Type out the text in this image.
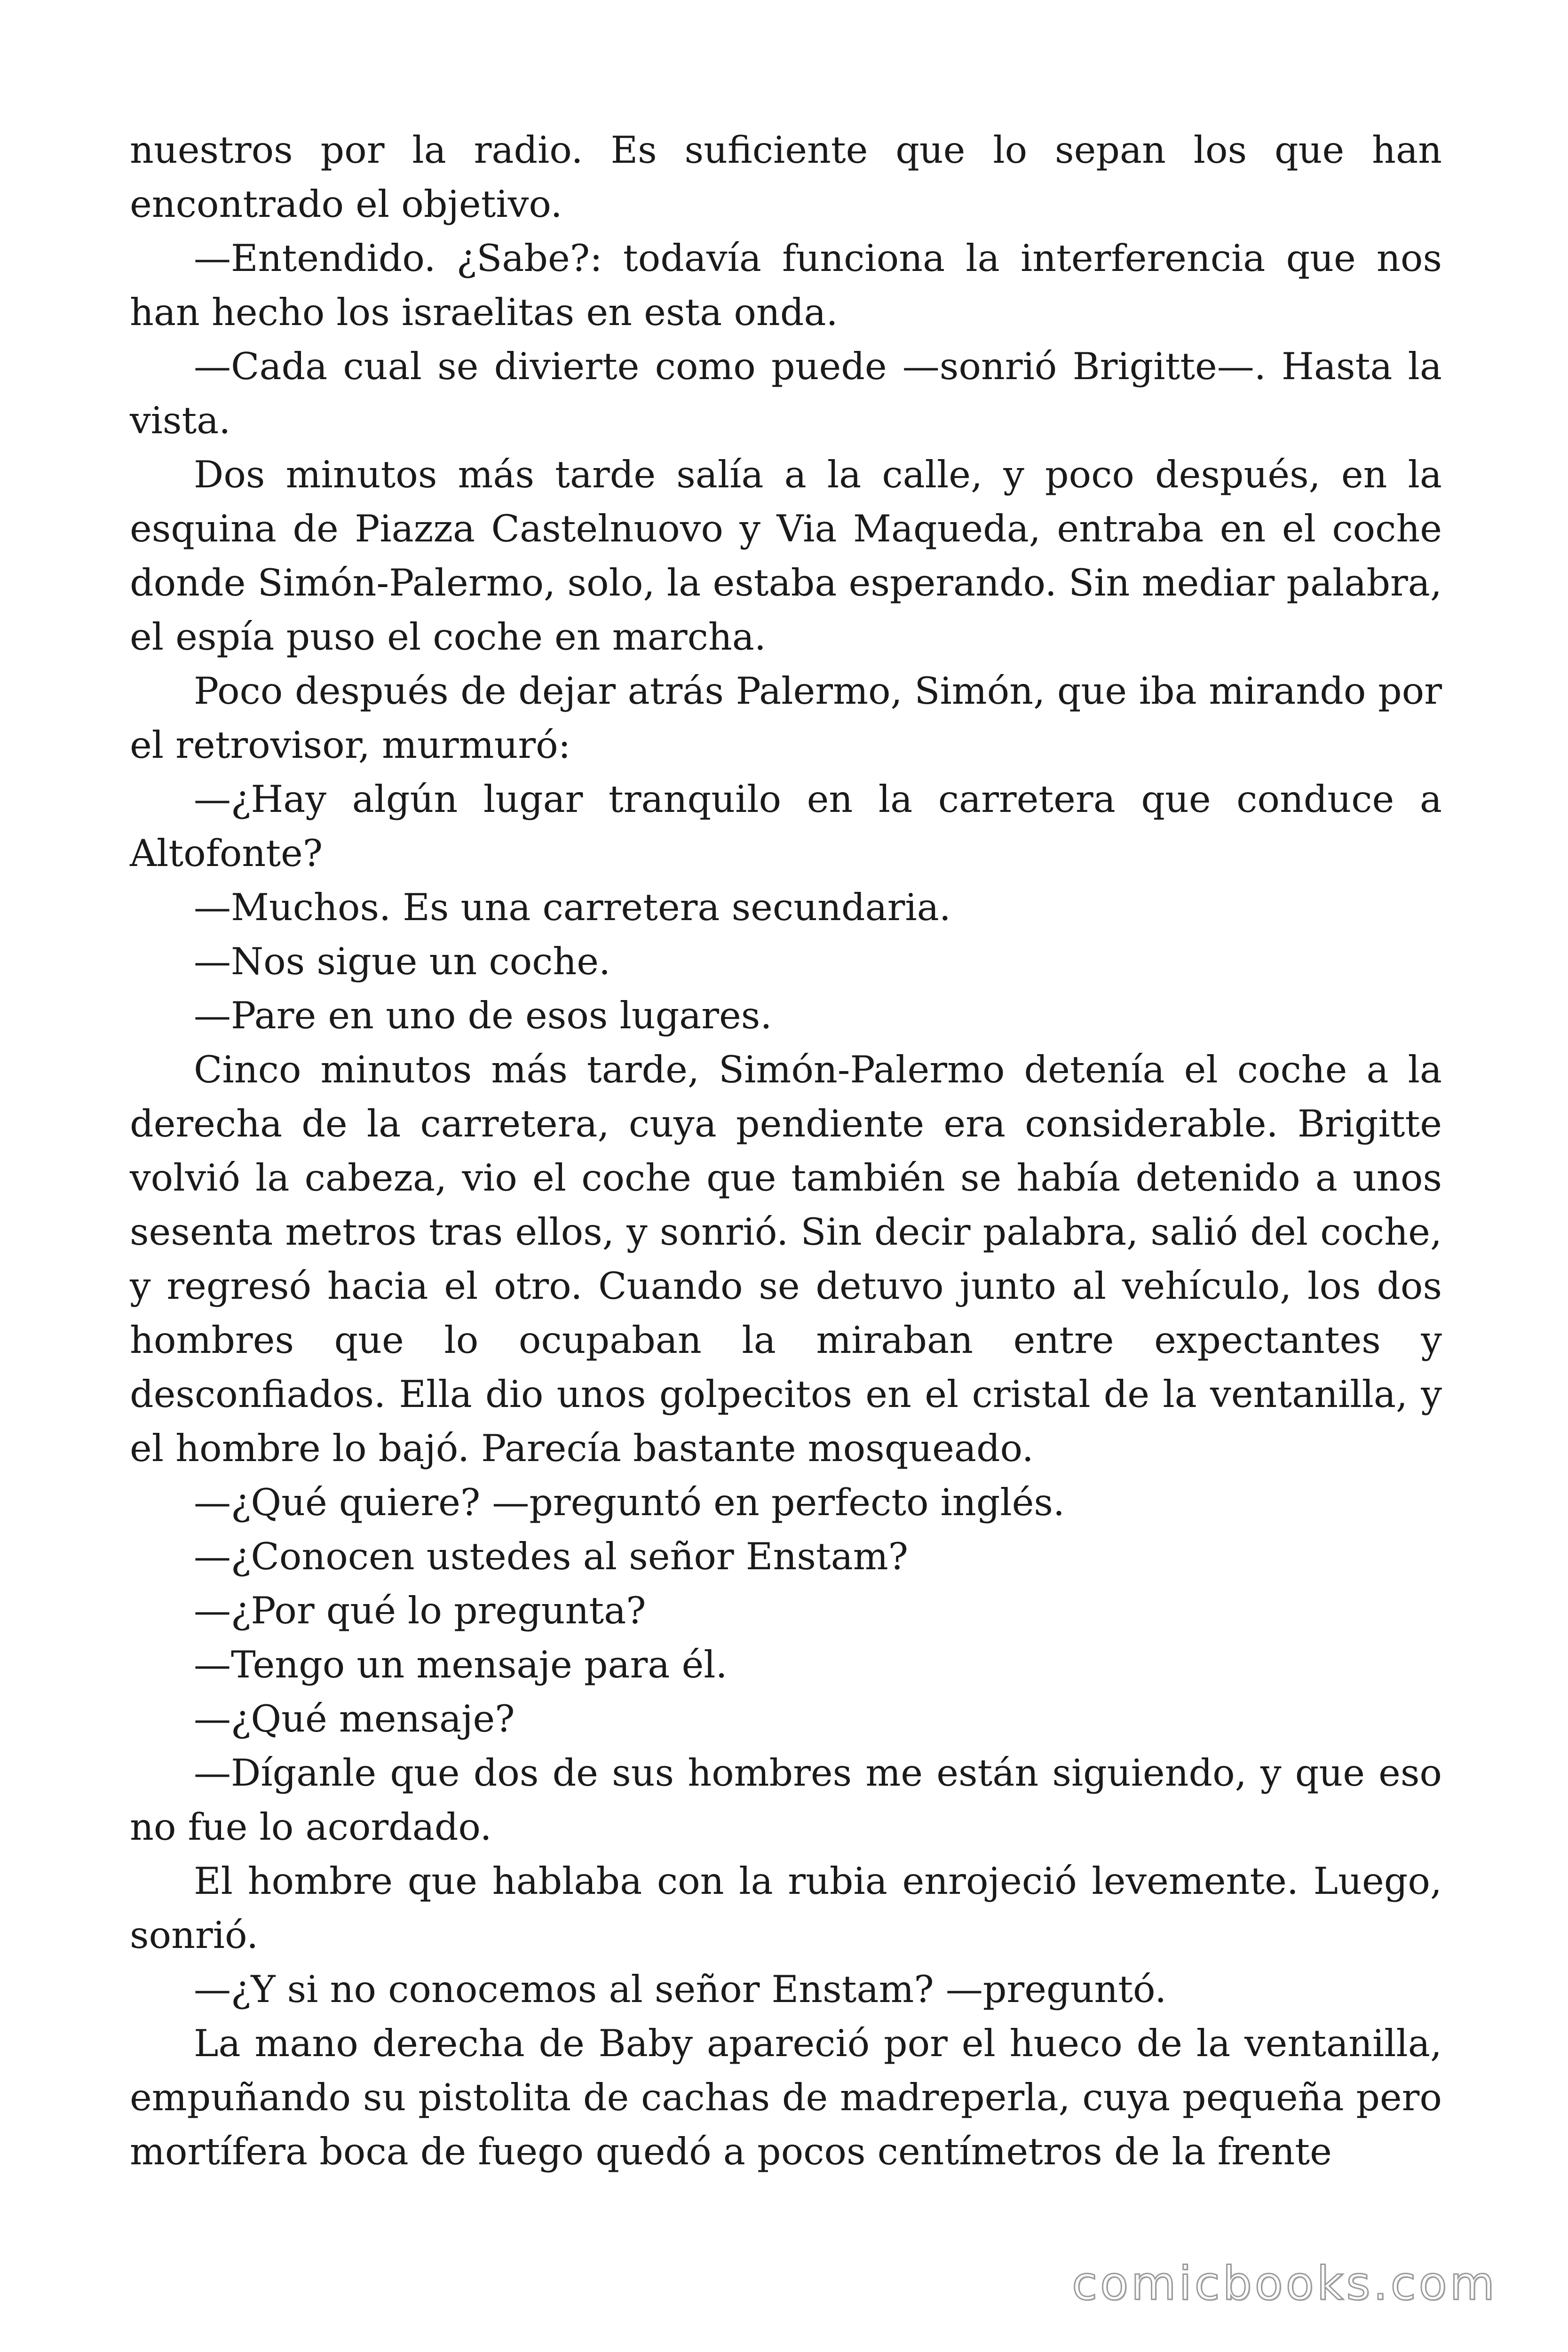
nuestros por la radio. Es suficiente que lo sepan los que han encontrado el objetivo.

—Entendido. ¿Sabe?: todavía funciona la interferencia que nos han hecho los israelitas en esta onda.

—Cada cual se divierte como puede —sonrió Brigitte—. Hasta la vista.

Dos minutos más tarde salía a la calle, y poco después, en la esquina de Piazza Castelnuovo y Via Maqueda, entraba en el coche donde Simón-Palermo, solo, la estaba esperando. Sin mediar palabra, el espía puso el coche en marcha.

Poco después de dejar atrás Palermo, Simón, que iba mirando por el retrovisor, murmuró:

—¿Hay algún lugar tranquilo en la carretera que conduce a Altofonte?

—Muchos. Es una carretera secundaria.

—Nos sigue un coche.

—Pare en uno de esos lugares.

Cinco minutos más tarde, Simón-Palermo detenía el coche a la derecha de la carretera, cuya pendiente era considerable. Brigitte volvió la cabeza, vio el coche que también se había detenido a unos sesenta metros tras ellos, y sonrió. Sin decir palabra, salió del coche, y regresó hacia el otro. Cuando se detuvo junto al vehículo, los dos hombres que lo ocupaban la miraban entre expectantes y desconfiados. Ella dio unos golpecitos en el cristal de la ventanilla, y el hombre lo bajó. Parecía bastante mosqueado.

—¿Qué quiere? —preguntó en perfecto inglés.

—¿Conocen ustedes al señor Enstam?

—¿Por qué lo pregunta?

—Tengo un mensaje para él.

—¿Qué mensaje?

—Díganle que dos de sus hombres me están siguiendo, y que eso no fue lo acordado.

El hombre que hablaba con la rubia enrojeció levemente. Luego, sonrió.

—¿Y si no conocemos al señor Enstam? —preguntó.

La mano derecha de Baby apareció por el hueco de la ventanilla, empuñando su pistolita de cachas de madreperla, cuya pequeña pero mortífera boca de fuego quedó a pocos centímetros de la frente

comicbooks.com
